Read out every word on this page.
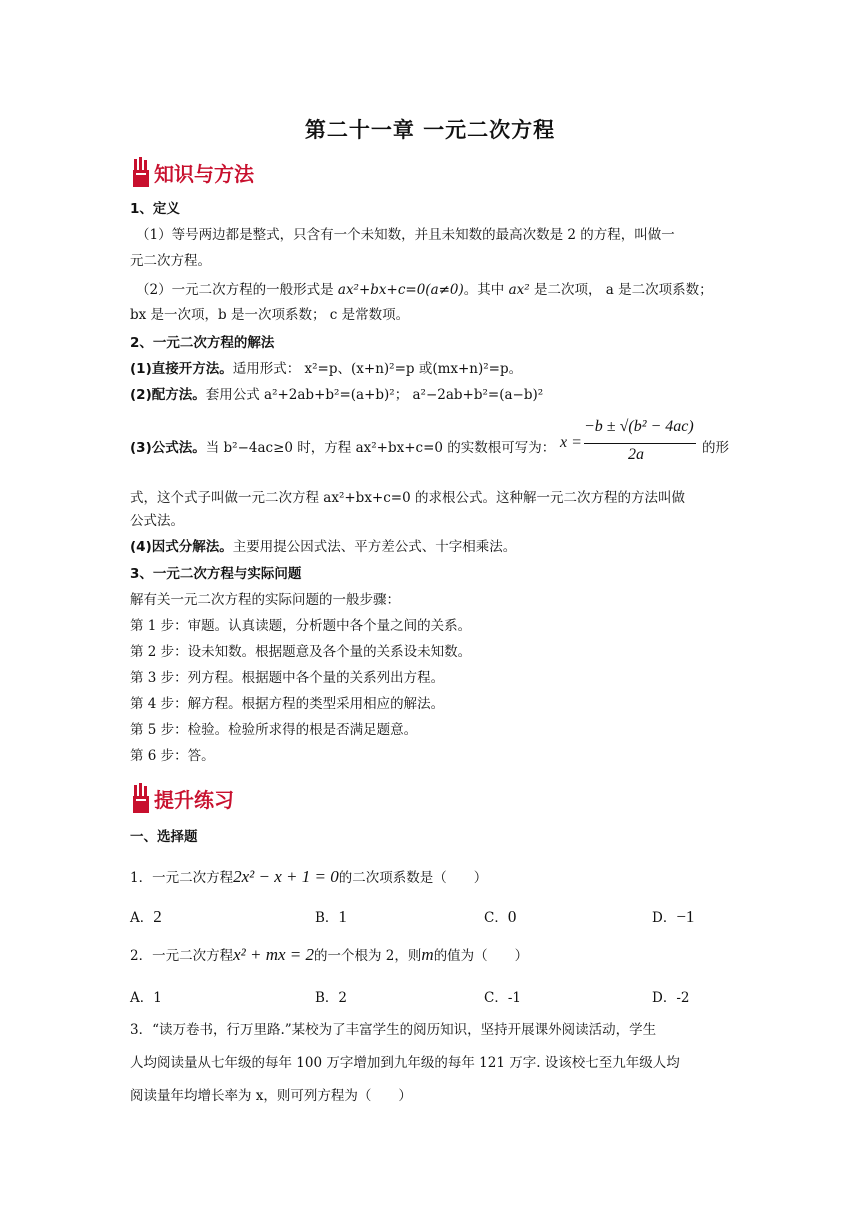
第二十一章 一元二次方程
知识与方法
1、定义
（1）等号两边都是整式，只含有一个未知数，并且未知数的最高次数是 2 的方程，叫做一
元二次方程。
（2）一元二次方程的一般形式是 ax²+bx+c=0(a≠0)。其中 ax² 是二次项， a 是二次项系数；
bx 是一次项，b 是一次项系数； c 是常数项。
2、一元二次方程的解法
(1)直接开方法。适用形式： x²=p、(x+n)²=p 或(mx+n)²=p。
(2)配方法。套用公式 a²+2ab+b²=(a+b)²； a²−2ab+b²=(a−b)²
(3)公式法。当 b²−4ac≥0 时，方程 ax²+bx+c=0 的实数根可写为： x =
−b ± √(b² − 4ac)
2a	的形
式，这个式子叫做一元二次方程 ax²+bx+c=0 的求根公式。这种解一元二次方程的方法叫做
公式法。
(4)因式分解法。主要用提公因式法、平方差公式、十字相乘法。
3、一元二次方程与实际问题
解有关一元二次方程的实际问题的一般步骤：
第 1 步：审题。认真读题，分析题中各个量之间的关系。
第 2 步：设未知数。根据题意及各个量的关系设未知数。
第 3 步：列方程。根据题中各个量的关系列出方程。
第 4 步：解方程。根据方程的类型采用相应的解法。
第 5 步：检验。检验所求得的根是否满足题意。
第 6 步：答。
提升练习
一、选择题
1．一元二次方程2x² − x + 1 = 0的二次项系数是（　　）
A．2	B．1	C．0	D．−1
2．一元二次方程x² + mx = 2的一个根为 2，则m的值为（　　）
A．1	B．2	C．-1	D．-2
3．“读万卷书，行万里路.”某校为了丰富学生的阅历知识，坚持开展课外阅读活动，学生
人均阅读量从七年级的每年 100 万字增加到九年级的每年 121 万字. 设该校七至九年级人均
阅读量年均增长率为 x，则可列方程为（　　）
